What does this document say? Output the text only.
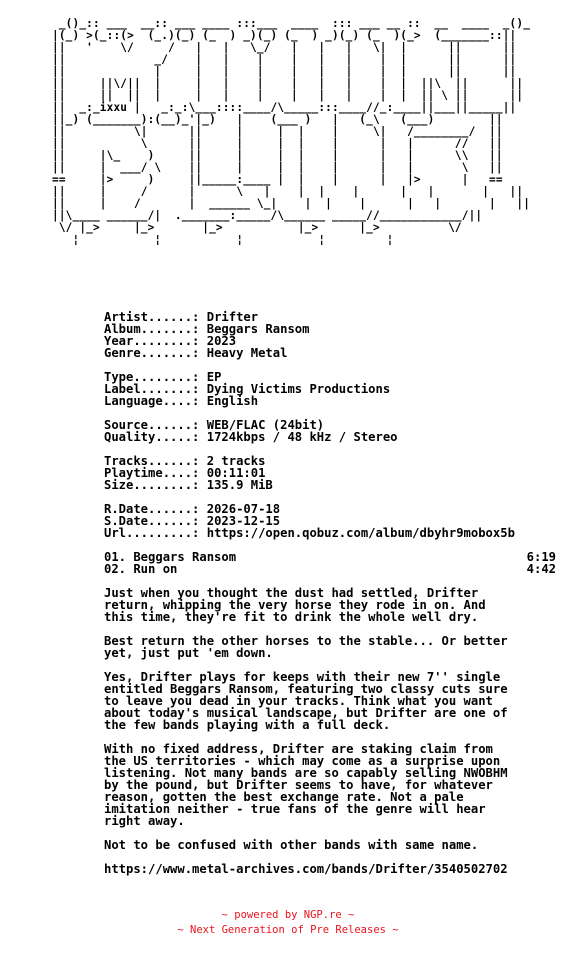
_()_:: ___  __:: ___ ____ :::___  ____  ::: ___ __ ::  __  ____  _()_
|(_) >(_::(>  (_.)(_) (_  ) _)(_) (_  ) _)(_) (_  )(_>  (_______::||
||   '    \/     /   |   |   \_/   |   |   |   \|  |      ||      ||
||             _/    |   |    |    |   |   |    |  |      ||      ||
||             |     |   |    |    |   |   |    |  |      ||      ||
||     ||\/||  |     |   |    |    |   |   |    |  |  ||\  ||      ||
||     ||  ||  |     |   |    |    |   |   |    |  |  || \ ||      ||
||  _:_ixxu |   _:_:\___::::____/\_____:::____//_:____||___||_____||
||_) (_______):(__)_'|_)   |    (___ )   |   (_\   (___)        ||
||          \|      ||     |     |  |    |     \|   /________/  ||
||           \      ||     |     |  |    |      |   |      //   ||
||     |\_    )     ||     |     |  |    |      |   |      \\   ||
||     |  ___/ \    ||     |     |  |    |      |   |       \   ||
==     |>     )     ||_____:____ |  |    |      |   |>      |   ==
||     |     /      |      \   |    |  |    |      |   |       |   ||
||     |    /       |  ______ \_|    |  |    |      |   |       |   ||
||\____ ______/|  ._______:_____/\______ _____//____________/||
\/ |_>     |_>       |_>           |_>      |_>          \/
¦           ¦           ¦           ¦         ¦
Artist......: Drifter
Album.......: Beggars Ransom
Year........: 2023
Genre.......: Heavy Metal
Type........: EP
Label.......: Dying Victims Productions
Language....: English
Source......: WEB/FLAC (24bit)
Quality.....: 1724kbps / 48 kHz / Stereo
Tracks......: 2 tracks
Playtime....: 00:11:01
Size........: 135.9 MiB
R.Date......: 2026-07-18
S.Date......: 2023-12-15
Url.........: https://open.qobuz.com/album/dbyhr9mobox5b
01. Beggars Ransom	6:19
02. Run on	4:42
Just when you thought the dust had settled, Drifter
return, whipping the very horse they rode in on. And
this time, they're fit to drink the whole well dry.
Best return the other horses to the stable... Or better
yet, just put 'em down.
Yes, Drifter plays for keeps with their new 7'' single
entitled Beggars Ransom, featuring two classy cuts sure
to leave you dead in your tracks. Think what you want
about today's musical landscape, but Drifter are one of
the few bands playing with a full deck.
With no fixed address, Drifter are staking claim from
the US territories - which may come as a surprise upon
listening. Not many bands are so capably selling NWOBHM
by the pound, but Drifter seems to have, for whatever
reason, gotten the best exchange rate. Not a pale
imitation neither - true fans of the genre will hear
right away.
Not to be confused with other bands with same name.
https://www.metal-archives.com/bands/Drifter/3540502702
~ powered by NGP.re ~
~ Next Generation of Pre Releases ~
